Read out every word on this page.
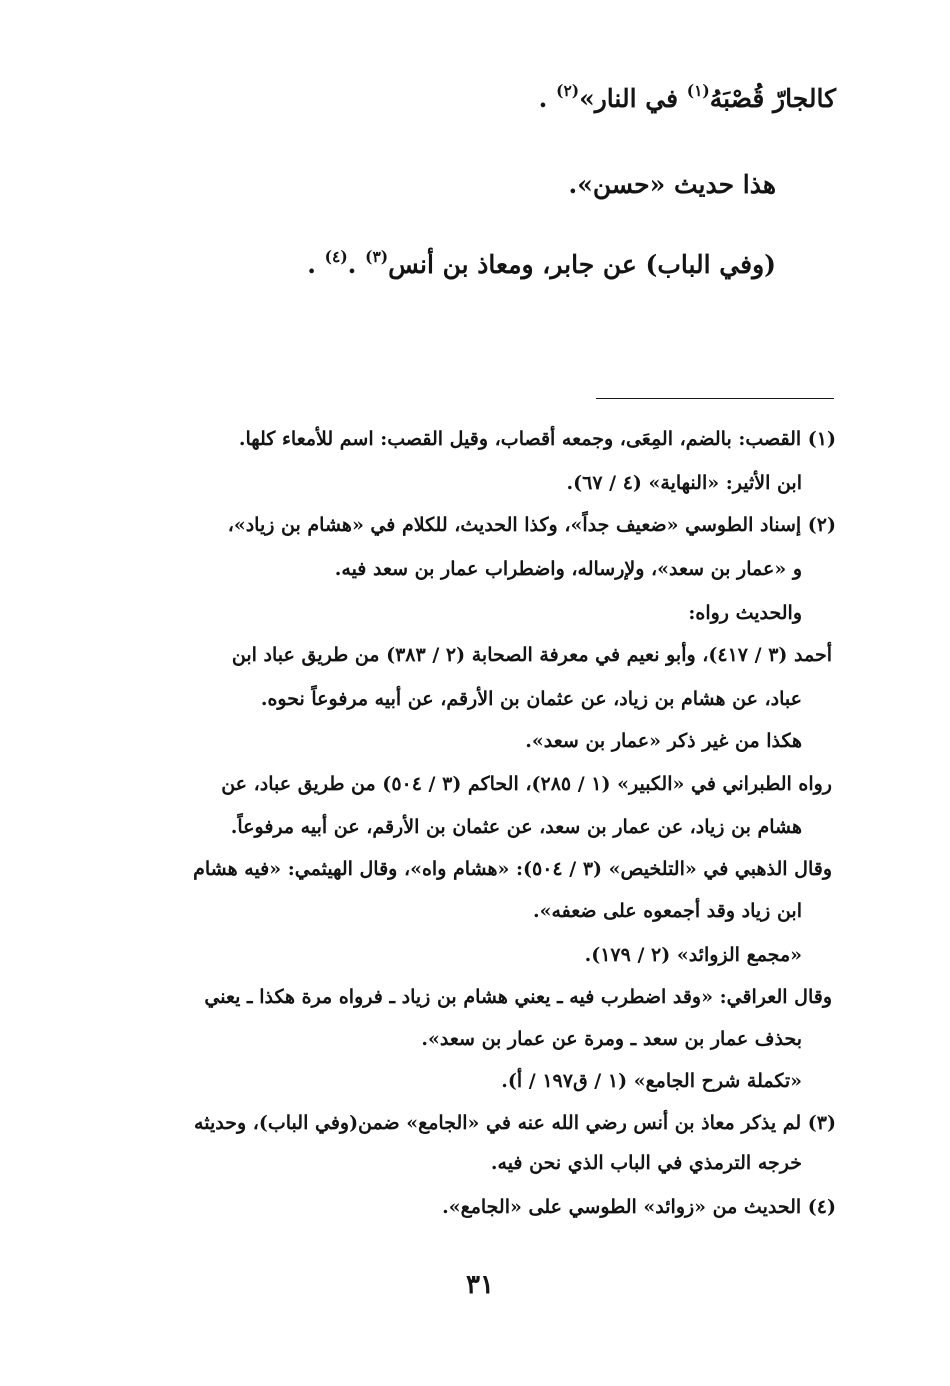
كالجارّ قُصْبَهُ$^{(١)}$ في النار»$^{(٢)}$ .
هذا حديث «حسن».
(وفي الباب) عن جابر، ومعاذ بن أنس$^{(٣)}$ .$^{(٤)}$ .
(١) القصب: بالضم، المِعَى، وجمعه أقصاب، وقيل القصب: اسم للأمعاء كلها.
ابن الأثير: «النهاية» (٤ / ٦٧).
(٢) إسناد الطوسي «ضعيف جداً»، وكذا الحديث، للكلام في «هشام بن زياد»،
و «عمار بن سعد»، ولإرساله، واضطراب عمار بن سعد فيه.
والحديث رواه:
أحمد (٣ / ٤١٧)، وأبو نعيم في معرفة الصحابة (٢ / ٣٨٣) من طريق عباد ابن
عباد، عن هشام بن زياد، عن عثمان بن الأرقم، عن أبيه مرفوعاً نحوه.
هكذا من غير ذكر «عمار بن سعد».
رواه الطبراني في «الكبير» (١ / ٢٨٥)، الحاكم (٣ / ٥٠٤) من طريق عباد، عن
هشام بن زياد، عن عمار بن سعد، عن عثمان بن الأرقم، عن أبيه مرفوعاً.
وقال الذهبي في «التلخيص» (٣ / ٥٠٤): «هشام واه»، وقال الهيثمي: «فيه هشام
ابن زياد وقد أجمعوه على ضعفه».
«مجمع الزوائد» (٢ / ١٧٩).
وقال العراقي: «وقد اضطرب فيه ـ يعني هشام بن زياد ـ فرواه مرة هكذا ـ يعني
بحذف عمار بن سعد ـ ومرة عن عمار بن سعد».
«تكملة شرح الجامع» (١ / ق١٩٧ / أ).
(٣) لم يذكر معاذ بن أنس رضي الله عنه في «الجامع» ضمن(وفي الباب)، وحديثه
خرجه الترمذي في الباب الذي نحن فيه.
(٤) الحديث من «زوائد» الطوسي على «الجامع».
٣١
